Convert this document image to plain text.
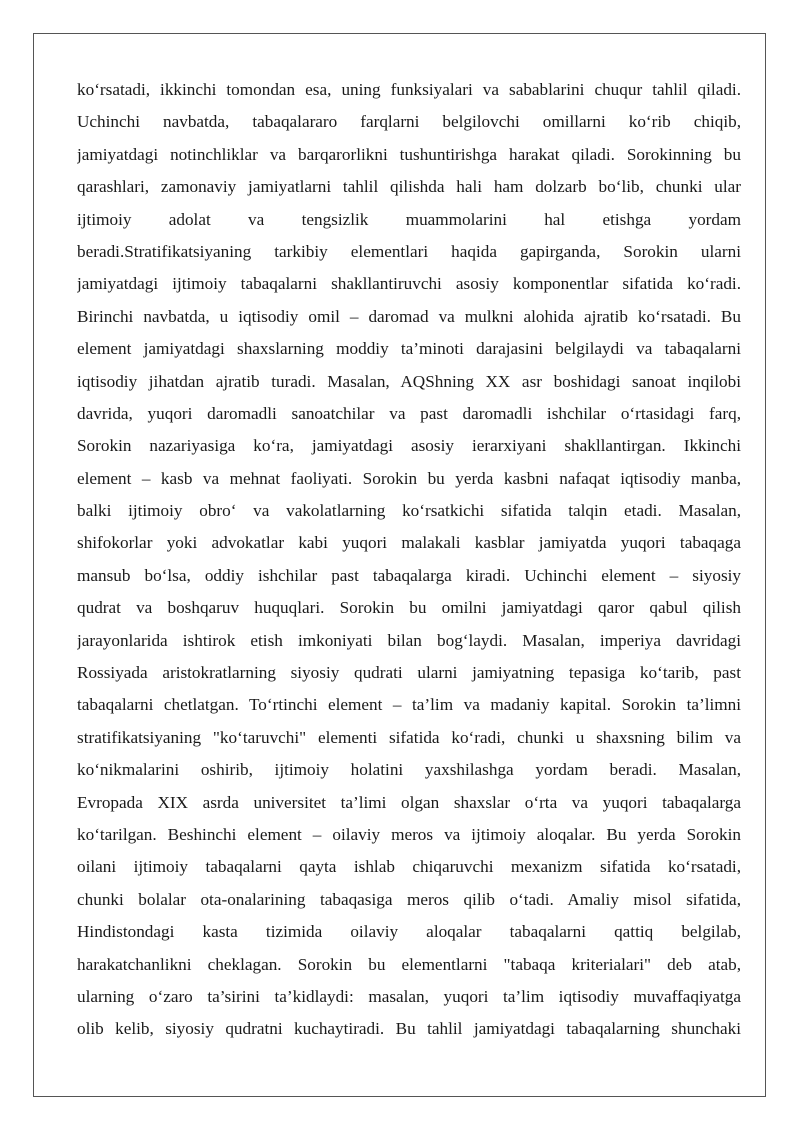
ko‘rsatadi, ikkinchi tomondan esa, uning funksiyalari va sabablarini chuqur tahlil qiladi.
Uchinchi navbatda, tabaqalararo farqlarni belgilovchi omillarni ko‘rib chiqib,
jamiyatdagi notinchliklar va barqarorlikni tushuntirishga harakat qiladi. Sorokinning bu
qarashlari, zamonaviy jamiyatlarni tahlil qilishda hali ham dolzarb bo‘lib, chunki ular
ijtimoiy adolat va tengsizlik muammolarini hal etishga yordam
beradi.Stratifikatsiyaning tarkibiy elementlari haqida gapirganda, Sorokin ularni
jamiyatdagi ijtimoiy tabaqalarni shakllantiruvchi asosiy komponentlar sifatida ko‘radi.
Birinchi navbatda, u iqtisodiy omil – daromad va mulkni alohida ajratib ko‘rsatadi. Bu
element jamiyatdagi shaxslarning moddiy ta’minoti darajasini belgilaydi va tabaqalarni
iqtisodiy jihatdan ajratib turadi. Masalan, AQShning XX asr boshidagi sanoat inqilobi
davrida, yuqori daromadli sanoatchilar va past daromadli ishchilar o‘rtasidagi farq,
Sorokin nazariyasiga ko‘ra, jamiyatdagi asosiy ierarxiyani shakllantirgan. Ikkinchi
element – kasb va mehnat faoliyati. Sorokin bu yerda kasbni nafaqat iqtisodiy manba,
balki ijtimoiy obro‘ va vakolatlarning ko‘rsatkichi sifatida talqin etadi. Masalan,
shifokorlar yoki advokatlar kabi yuqori malakali kasblar jamiyatda yuqori tabaqaga
mansub bo‘lsa, oddiy ishchilar past tabaqalarga kiradi. Uchinchi element – siyosiy
qudrat va boshqaruv huquqlari. Sorokin bu omilni jamiyatdagi qaror qabul qilish
jarayonlarida ishtirok etish imkoniyati bilan bog‘laydi. Masalan, imperiya davridagi
Rossiyada aristokratlarning siyosiy qudrati ularni jamiyatning tepasiga ko‘tarib, past
tabaqalarni chetlatgan. To‘rtinchi element – ta’lim va madaniy kapital. Sorokin ta’limni
stratifikatsiyaning "ko‘taruvchi" elementi sifatida ko‘radi, chunki u shaxsning bilim va
ko‘nikmalarini oshirib, ijtimoiy holatini yaxshilashga yordam beradi. Masalan,
Evropada XIX asrda universitet ta’limi olgan shaxslar o‘rta va yuqori tabaqalarga
ko‘tarilgan. Beshinchi element – oilaviy meros va ijtimoiy aloqalar. Bu yerda Sorokin
oilani ijtimoiy tabaqalarni qayta ishlab chiqaruvchi mexanizm sifatida ko‘rsatadi,
chunki bolalar ota-onalarining tabaqasiga meros qilib o‘tadi. Amaliy misol sifatida,
Hindistondagi kasta tizimida oilaviy aloqalar tabaqalarni qattiq belgilab,
harakatchanlikni cheklagan. Sorokin bu elementlarni "tabaqa kriterialari" deb atab,
ularning o‘zaro ta’sirini ta’kidlaydi: masalan, yuqori ta’lim iqtisodiy muvaffaqiyatga
olib kelib, siyosiy qudratni kuchaytiradi. Bu tahlil jamiyatdagi tabaqalarning shunchaki
